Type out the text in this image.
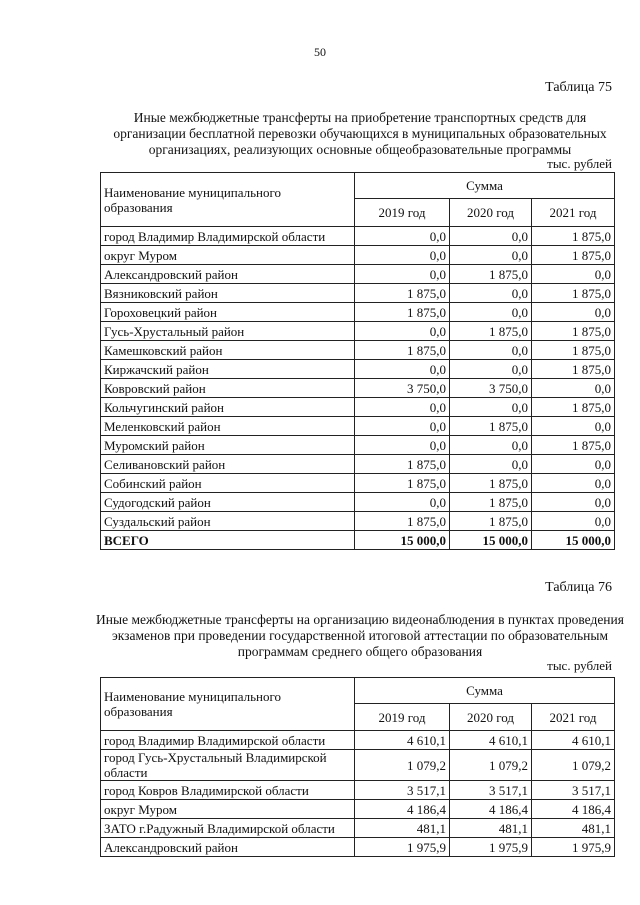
50
Таблица 75
Иные межбюджетные трансферты на приобретение транспортных средств для
организации бесплатной перевозки обучающихся в муниципальных образовательных
организациях, реализующих основные общеобразовательные программы
тыс. рублей
Наименование муниципального образования	Сумма		
	2019 год	2020 год	2021 год
город Владимир Владимирской области	0,0	0,0	1 875,0
округ Муром	0,0	0,0	1 875,0
Александровский район	0,0	1 875,0	0,0
Вязниковский район	1 875,0	0,0	1 875,0
Гороховецкий район	1 875,0	0,0	0,0
Гусь-Хрустальный район	0,0	1 875,0	1 875,0
Камешковский район	1 875,0	0,0	1 875,0
Киржачский район	0,0	0,0	1 875,0
Ковровский район	3 750,0	3 750,0	0,0
Кольчугинский район	0,0	0,0	1 875,0
Меленковский район	0,0	1 875,0	0,0
Муромский район	0,0	0,0	1 875,0
Селивановский район	1 875,0	0,0	0,0
Собинский район	1 875,0	1 875,0	0,0
Судогодский район	0,0	1 875,0	0,0
Суздальский район	1 875,0	1 875,0	0,0
ВСЕГО	15 000,0	15 000,0	15 000,0
Таблица 76
Иные межбюджетные трансферты на организацию видеонаблюдения в пунктах проведения
экзаменов при проведении государственной итоговой аттестации по образовательным
программам среднего общего образования
тыс. рублей
Наименование муниципального образования	Сумма		
	2019 год	2020 год	2021 год
город Владимир Владимирской области	4 610,1	4 610,1	4 610,1
город Гусь-Хрустальный Владимирской области	1 079,2	1 079,2	1 079,2
город Ковров Владимирской области	3 517,1	3 517,1	3 517,1
округ Муром	4 186,4	4 186,4	4 186,4
ЗАТО г.Радужный Владимирской области	481,1	481,1	481,1
Александровский район	1 975,9	1 975,9	1 975,9
